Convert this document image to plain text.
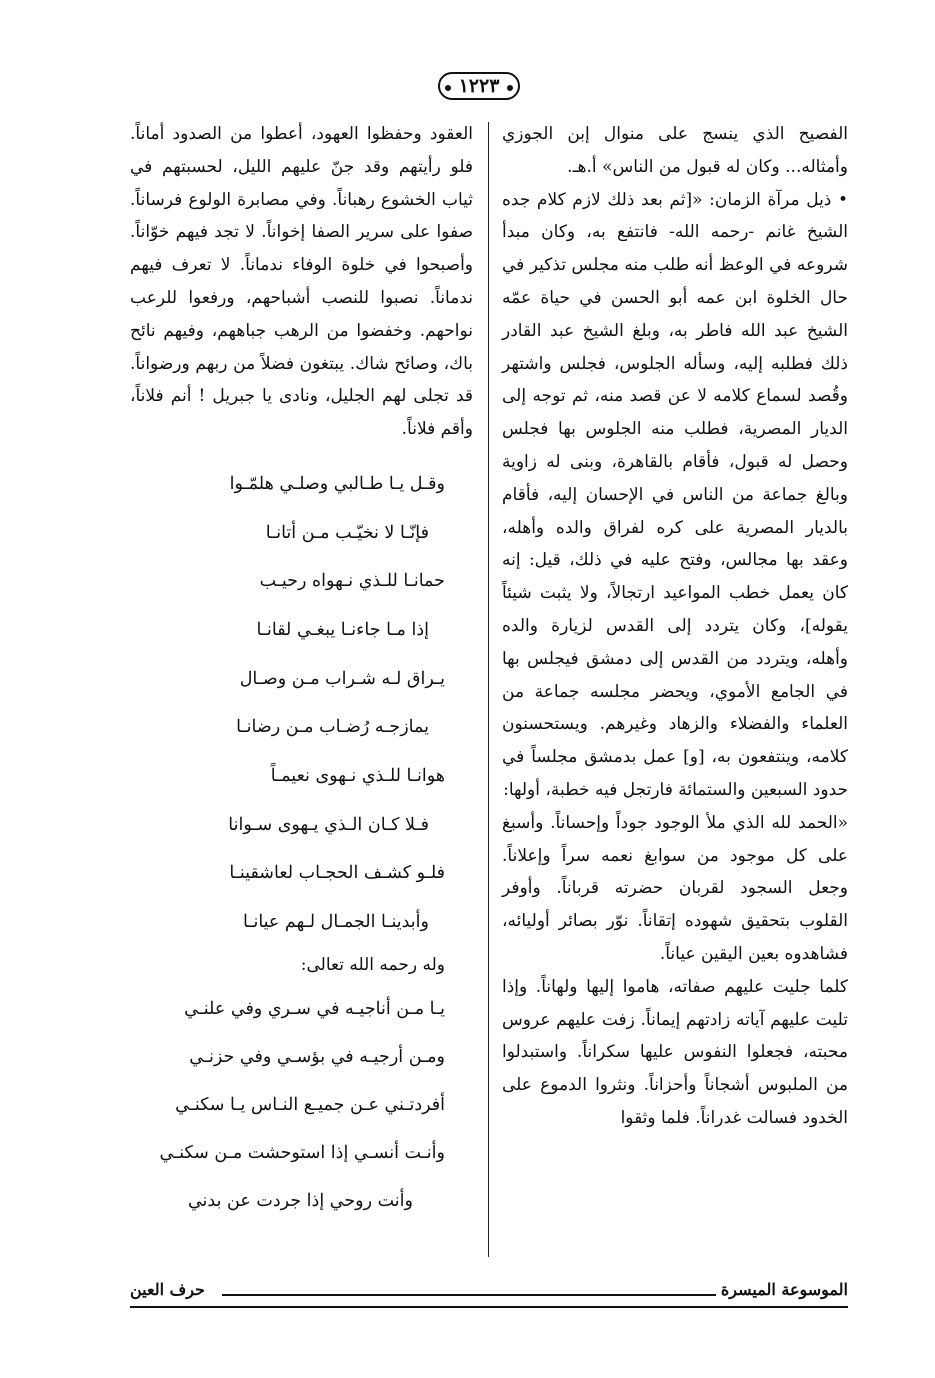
١٢٢٣

الفصيح الذي ينسج على منوال إبن الجوزي وأمثاله... وكان له قبول من الناس» أ.هـ.

• ذيل مرآة الزمان: «[ثم بعد ذلك لازم كلام جده الشيخ غانم -رحمه الله- فانتفع به، وكان مبدأ شروعه في الوعظ أنه طلب منه مجلس تذكير في حال الخلوة ابن عمه أبو الحسن في حياة عمّه الشيخ عبد الله فاطر به، وبلغ الشيخ عبد القادر ذلك فطلبه إليه، وسأله الجلوس، فجلس واشتهر وقُصد لسماع كلامه لا عن قصد منه، ثم توجه إلى الديار المصرية، فطلب منه الجلوس بها فجلس وحصل له قبول، فأقام بالقاهرة، وبنى له زاوية وبالغ جماعة من الناس في الإحسان إليه، فأقام بالديار المصرية على كره لفراق والده وأهله، وعقد بها مجالس، وفتح عليه في ذلك، قيل: إنه كان يعمل خطب المواعيد ارتجالاً، ولا يثبت شيئاً يقوله]، وكان يتردد إلى القدس لزيارة والده وأهله، ويتردد من القدس إلى دمشق فيجلس بها في الجامع الأموي، ويحضر مجلسه جماعة من العلماء والفضلاء والزهاد وغيرهم. ويستحسنون كلامه، وينتفعون به، [و] عمل بدمشق مجلساً في حدود السبعين والستمائة فارتجل فيه خطبة، أولها:

«الحمد لله الذي ملأ الوجود جوداً وإحساناً. وأسبغ على كل موجود من سوابغ نعمه سراً وإعلاناً. وجعل السجود لقربان حضرته قرباناً. وأوفر القلوب بتحقيق شهوده إتقاناً. نوّر بصائر أوليائه، فشاهدوه بعين اليقين عياناً.

كلما جليت عليهم صفاته، هاموا إليها ولهاناً. وإذا تليت عليهم آياته زادتهم إيماناً. زفت عليهم عروس محبته، فجعلوا النفوس عليها سكراناً. واستبدلوا من الملبوس أشجاناً وأحزاناً. ونثروا الدموع على الخدود فسالت غدراناً. فلما وثقوا

العقود وحفظوا العهود، أعطوا من الصدود أماناً. فلو رأيتهم وقد جنّ عليهم الليل، لحسبتهم في ثياب الخشوع رهباناً. وفي مصابرة الولوع فرساناً. صفوا على سرير الصفا إخواناً. لا تجد فيهم خوّاناً. وأصبحوا في خلوة الوفاء ندماناً. لا تعرف فيهم ندماناً. نصبوا للنصب أشباحهم، ورفعوا للرعب نواحهم. وخفضوا من الرهب جباههم، وفيهم نائح باك، وصائح شاك. يبتغون فضلاً من ربهم ورضواناً. قد تجلى لهم الجليل، ونادى يا جبريل ! أنم فلاناً، وأقم فلاناً.

وقـل يـا طـالبي وصلـي هلمّـوا
فإنّـا لا نخيّـب مـن أتانـا
حمانـا للـذي نـهواه رحيـب
إذا مـا جاءنـا يبغـي لقانـا
يـراق لـه شـراب مـن وصـال
يمازجـه رُضـاب مـن رضانـا
هوانـا للـذي نـهوى نعيمـاً
فـلا كـان الـذي يـهوى سـوانا
فلـو كشـف الحجـاب لعاشقينـا
وأبدينـا الجمـال لـهم عيانـا
وله رحمه الله تعالى:
يـا مـن أناجيـه في سـري وفي علنـي
ومـن أرجيـه في بؤسـي وفي حزنـي
أفردتـني عـن جميـع النـاس يـا سكنـي
وأنـت أنسـي إذا استوحشت مـن سكنـي
وأنت روحي إذا جردت عن بدني
الموسوعة الميسرة
حرف العين
